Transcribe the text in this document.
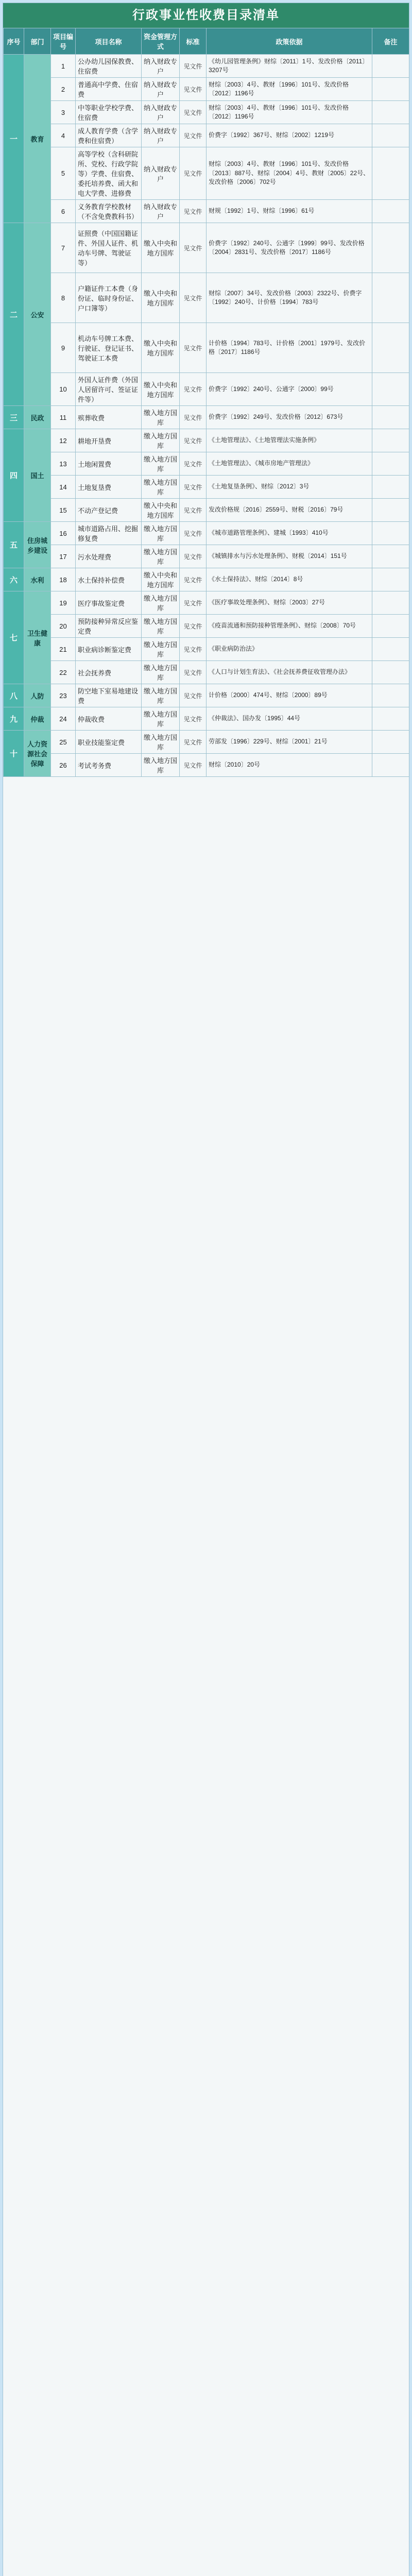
行政事业性收费目录清单
序号	部门	项目编号	项目名称	资金管理方式	标准	政策依据	备注
一	教育	1	公办幼儿园保教费、住宿费	纳入财政专户	见文件	《幼儿园管理条例》财综〔2011〕1号、发改价格〔2011〕3207号	
		2	普通高中学费、住宿费	纳入财政专户	见文件	财综〔2003〕4号、教财〔1996〕101号、发改价格〔2012〕1196号	
		3	中等职业学校学费、住宿费	纳入财政专户	见文件	财综〔2003〕4号、教财〔1996〕101号、发改价格〔2012〕1196号	
		4	成人教育学费（含学费和住宿费）	纳入财政专户	见文件	价费字〔1992〕367号、财综〔2002〕1219号	
		5	高等学校（含科研院所、党校、行政学院等）学费、住宿费、委托培养费、函大和电大学费、进修费	纳入财政专户	见文件	财综〔2003〕4号、教财〔1996〕101号、发改价格〔2013〕887号、财综〔2004〕4号、教财〔2005〕22号、发改价格〔2006〕702号	
		6	义务教育学校教材（不含免费教科书）	纳入财政专户	见文件	财规〔1992〕1号、财综〔1996〕61号	
二	公安	7	证照费（中国国籍证件、外国人证件、机动车号牌、驾驶证等）	缴入中央和地方国库	见文件	价费字〔1992〕240号、公通字〔1999〕99号、发改价格〔2004〕2831号、发改价格〔2017〕1186号	
		8	户籍证件工本费（身份证、临时身份证、户口簿等）	缴入中央和地方国库	见文件	财综〔2007〕34号、发改价格〔2003〕2322号、价费字〔1992〕240号、计价格〔1994〕783号	
		9	机动车号牌工本费、行驶证、登记证书、驾驶证工本费	缴入中央和地方国库	见文件	计价格〔1994〕783号、计价格〔2001〕1979号、发改价格〔2017〕1186号	
		10	外国人证件费（外国人居留许可、签证证件等）	缴入中央和地方国库	见文件	价费字〔1992〕240号、公通字〔2000〕99号	
三	民政	11	殡葬收费	缴入地方国库	见文件	价费字〔1992〕249号、发改价格〔2012〕673号	
四	国土	12	耕地开垦费	缴入地方国库	见文件	《土地管理法》、《土地管理法实施条例》	
		13	土地闲置费	缴入地方国库	见文件	《土地管理法》、《城市房地产管理法》	
		14	土地复垦费	缴入地方国库	见文件	《土地复垦条例》、财综〔2012〕3号	
		15	不动产登记费	缴入中央和地方国库	见文件	发改价格规〔2016〕2559号、财税〔2016〕79号	
五	住房城乡建设	16	城市道路占用、挖掘修复费	缴入地方国库	见文件	《城市道路管理条例》、建城〔1993〕410号	
		17	污水处理费	缴入地方国库	见文件	《城镇排水与污水处理条例》、财税〔2014〕151号	
六	水利	18	水土保持补偿费	缴入中央和地方国库	见文件	《水土保持法》、财综〔2014〕8号	
七	卫生健康	19	医疗事故鉴定费	缴入地方国库	见文件	《医疗事故处理条例》、财综〔2003〕27号	
		20	预防接种异常反应鉴定费	缴入地方国库	见文件	《疫苗流通和预防接种管理条例》、财综〔2008〕70号	
		21	职业病诊断鉴定费	缴入地方国库	见文件	《职业病防治法》	
		22	社会抚养费	缴入地方国库	见文件	《人口与计划生育法》、《社会抚养费征收管理办法》	
八	人防	23	防空地下室易地建设费	缴入地方国库	见文件	计价格〔2000〕474号、财综〔2000〕89号	
九	仲裁	24	仲裁收费	缴入地方国库	见文件	《仲裁法》、国办发〔1995〕44号	
十	人力资源社会保障	25	职业技能鉴定费	缴入地方国库	见文件	劳部发〔1996〕229号、财综〔2001〕21号	
		26	考试考务费	缴入地方国库	见文件	财综〔2010〕20号	
